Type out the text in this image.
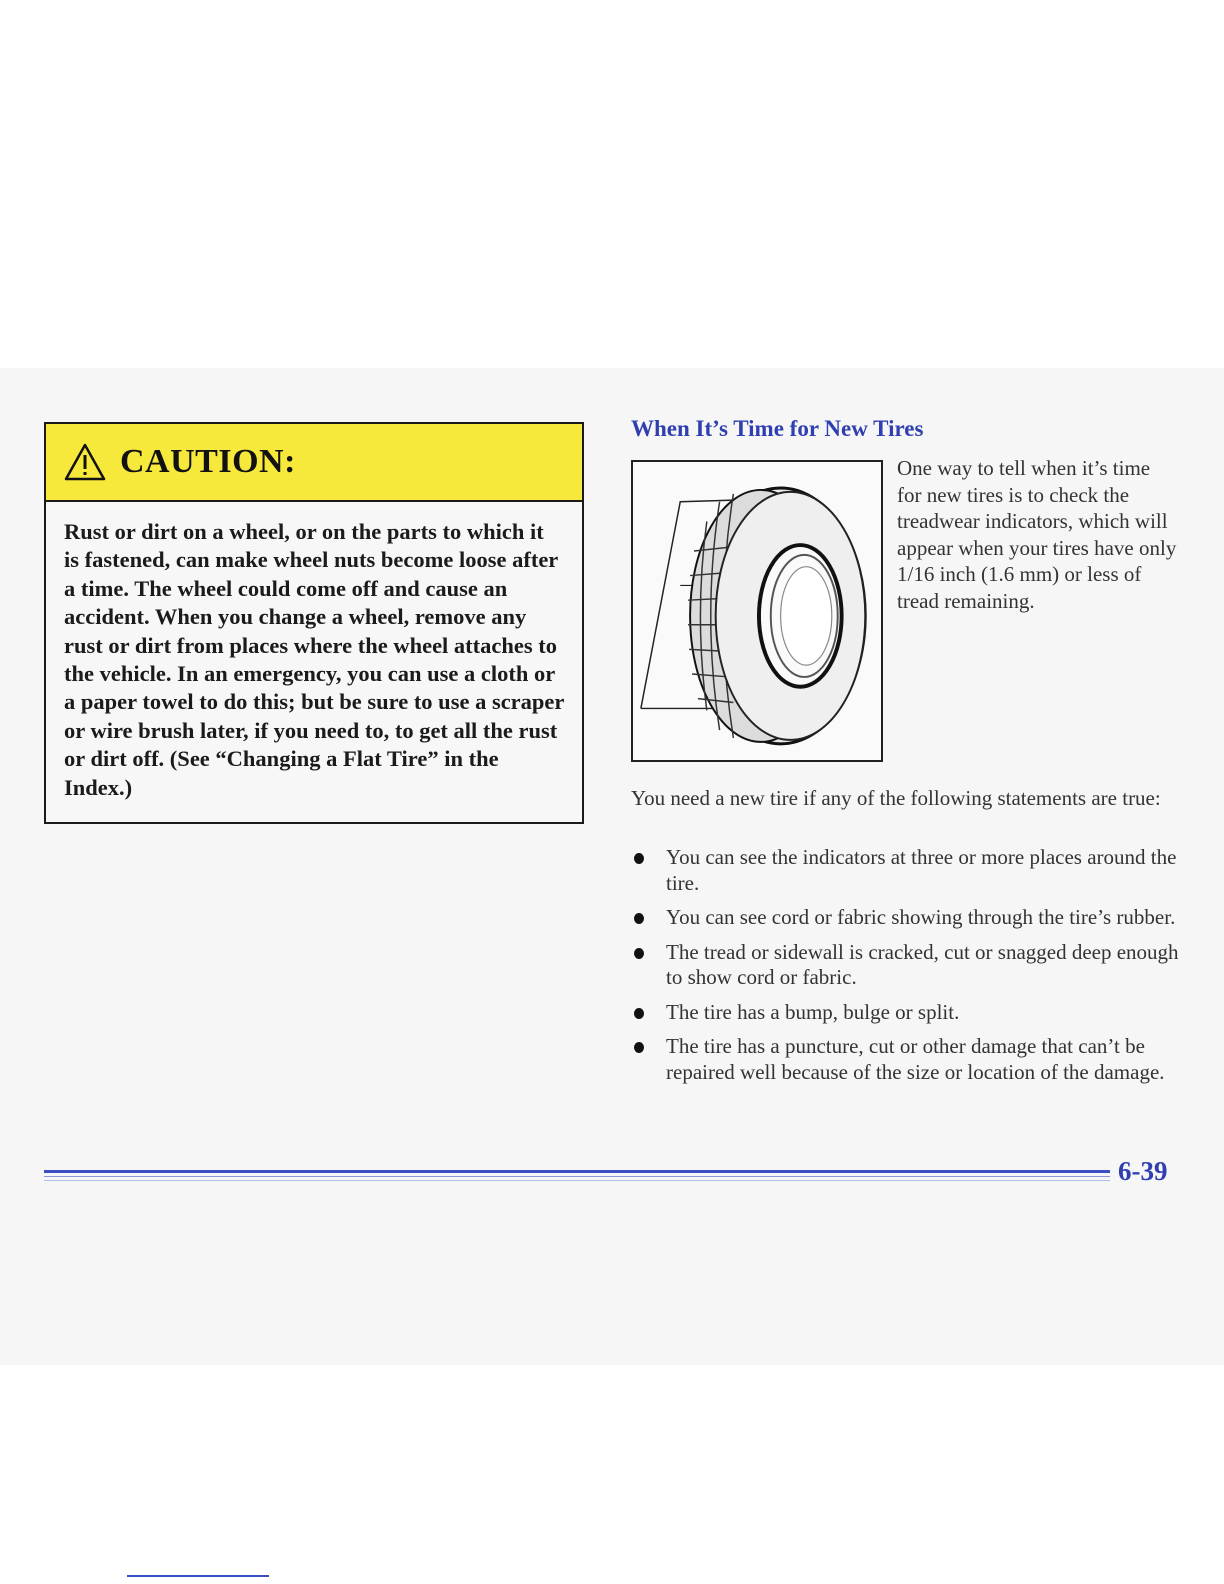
CAUTION:

Rust or dirt on a wheel, or on the parts to which it is fastened, can make wheel nuts become loose after a time. The wheel could come off and cause an accident. When you change a wheel, remove any rust or dirt from places where the wheel attaches to the vehicle. In an emergency, you can use a cloth or a paper towel to do this; but be sure to use a scraper or wire brush later, if you need to, to get all the rust or dirt off. (See “Changing a Flat Tire” in the Index.)

When It’s Time for New Tires

One way to tell when it’s time for new tires is to check the treadwear indicators, which will appear when your tires have only 1/16 inch (1.6 mm) or less of tread remaining.

You need a new tire if any of the following statements are true:

You can see the indicators at three or more places around the tire.
You can see cord or fabric showing through the tire’s rubber.
The tread or sidewall is cracked, cut or snagged deep enough to show cord or fabric.
The tire has a bump, bulge or split.
The tire has a puncture, cut or other damage that can’t be repaired well because of the size or location of the damage.

6-39
